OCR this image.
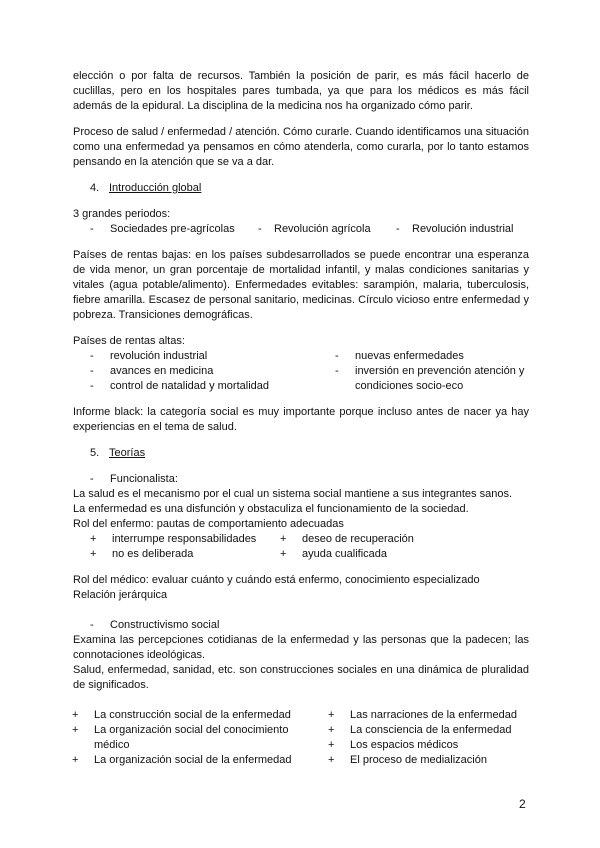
elección o por falta de recursos. También la posición de parir, es más fácil hacerlo de cuclillas, pero en los hospitales pares tumbada, ya que para los médicos es más fácil además de la epidural. La disciplina de la medicina nos ha organizado cómo parir.

Proceso de salud / enfermedad / atención. Cómo curarle. Cuando identificamos una situación como una enfermedad ya pensamos en cómo atenderla, como curarla, por lo tanto estamos pensando en la atención que se va a dar.

4. Introducción global

3 grandes periodos:

- Sociedades pre-agrícolas	- Revolución agrícola	- Revolución industrial

Países de rentas bajas: en los países subdesarrollados se puede encontrar una esperanza de vida menor, un gran porcentaje de mortalidad infantil, y malas condiciones sanitarias y vitales (agua potable/alimento). Enfermedades evitables: sarampión, malaria, tuberculosis, fiebre amarilla. Escasez de personal sanitario, medicinas. Círculo vicioso entre enfermedad y pobreza. Transiciones demográficas.

Países de rentas altas:

-	revolución industrial
-	avances en medicina
-	control de natalidad y mortalidad
-	nuevas enfermedades
-	inversión en prevención atención y
condiciones socio-eco

Informe black: la categoría social es muy importante porque incluso antes de nacer ya hay experiencias en el tema de salud.

5. Teorías

-	Funcionalista:

La salud es el mecanismo por el cual un sistema social mantiene a sus integrantes sanos.

La enfermedad es una disfunción y obstaculiza el funcionamiento de la sociedad.

Rol del enfermo: pautas de comportamiento adecuadas

+	interrumpe responsabilidades
+	no es deliberada
+	deseo de recuperación
+	ayuda cualificada

Rol del médico: evaluar cuánto y cuándo está enfermo, conocimiento especializado

Relación jerárquica

-	Constructivismo social

Examina las percepciones cotidianas de la enfermedad y las personas que la padecen; las connotaciones ideológicas.

Salud, enfermedad, sanidad, etc. son construcciones sociales en una dinámica de pluralidad de significados.

+	La construcción social de la enfermedad
+	La organización social del conocimiento
médico
+	La organización social de la enfermedad
+	Las narraciones de la enfermedad
+	La consciencia de la enfermedad
+	Los espacios médicos
+	El proceso de medialización
2
